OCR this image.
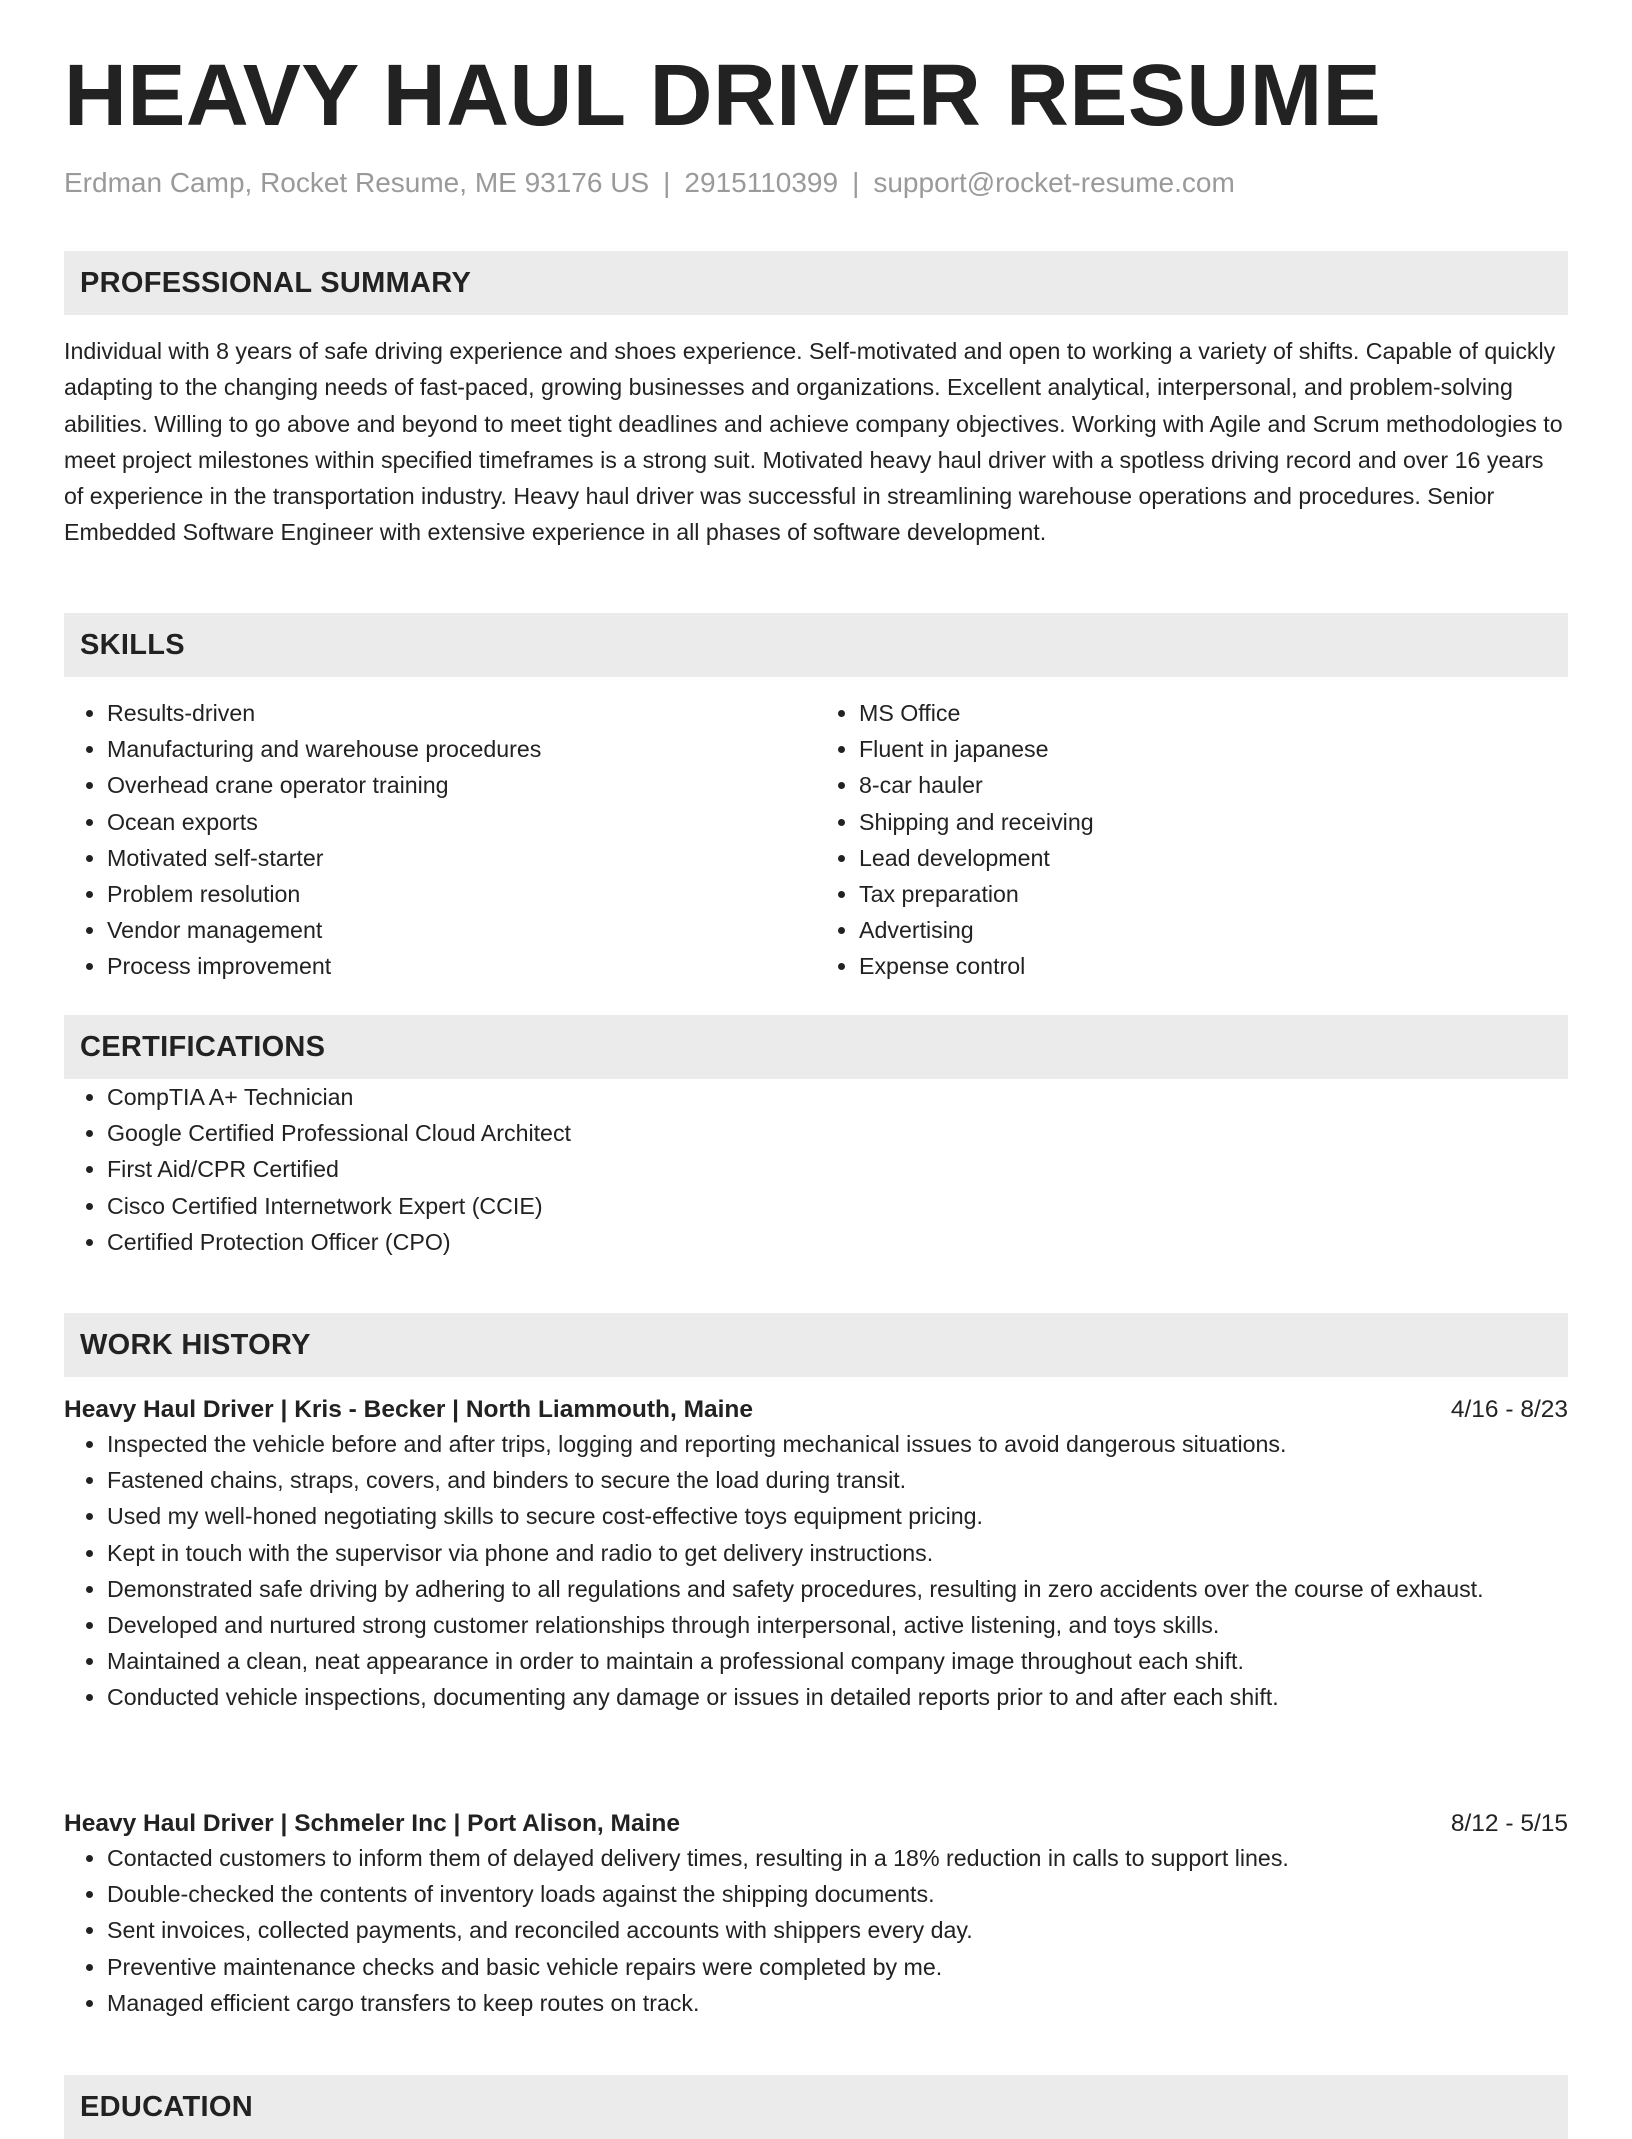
HEAVY HAUL DRIVER RESUME
Erdman Camp, Rocket Resume, ME 93176 US | 2915110399 | support@rocket-resume.com
PROFESSIONAL SUMMARY

Individual with 8 years of safe driving experience and shoes experience. Self-motivated and open to working a variety of shifts. Capable of quickly adapting to the changing needs of fast-paced, growing businesses and organizations. Excellent analytical, interpersonal, and problem-solving abilities. Willing to go above and beyond to meet tight deadlines and achieve company objectives. Working with Agile and Scrum methodologies to meet project milestones within specified timeframes is a strong suit. Motivated heavy haul driver with a spotless driving record and over 16 years of experience in the transportation industry. Heavy haul driver was successful in streamlining warehouse operations and procedures. Senior Embedded Software Engineer with extensive experience in all phases of software development.

SKILLS
• Results-driven
• Manufacturing and warehouse procedures
• Overhead crane operator training
• Ocean exports
• Motivated self-starter
• Problem resolution
• Vendor management
• Process improvement
• MS Office
• Fluent in japanese
• 8-car hauler
• Shipping and receiving
• Lead development
• Tax preparation
• Advertising
• Expense control
CERTIFICATIONS
• CompTIA A+ Technician
• Google Certified Professional Cloud Architect
• First Aid/CPR Certified
• Cisco Certified Internetwork Expert (CCIE)
• Certified Protection Officer (CPO)
WORK HISTORY
Heavy Haul Driver | Kris - Becker | North Liammouth, Maine	4/16 - 8/23
• Inspected the vehicle before and after trips, logging and reporting mechanical issues to avoid dangerous situations.
• Fastened chains, straps, covers, and binders to secure the load during transit.
• Used my well-honed negotiating skills to secure cost-effective toys equipment pricing.
• Kept in touch with the supervisor via phone and radio to get delivery instructions.
• Demonstrated safe driving by adhering to all regulations and safety procedures, resulting in zero accidents over the course of exhaust.
• Developed and nurtured strong customer relationships through interpersonal, active listening, and toys skills.
• Maintained a clean, neat appearance in order to maintain a professional company image throughout each shift.
• Conducted vehicle inspections, documenting any damage or issues in detailed reports prior to and after each shift.
Heavy Haul Driver | Schmeler Inc | Port Alison, Maine	8/12 - 5/15
• Contacted customers to inform them of delayed delivery times, resulting in a 18% reduction in calls to support lines.
• Double-checked the contents of inventory loads against the shipping documents.
• Sent invoices, collected payments, and reconciled accounts with shippers every day.
• Preventive maintenance checks and basic vehicle repairs were completed by me.
• Managed efficient cargo transfers to keep routes on track.
EDUCATION
